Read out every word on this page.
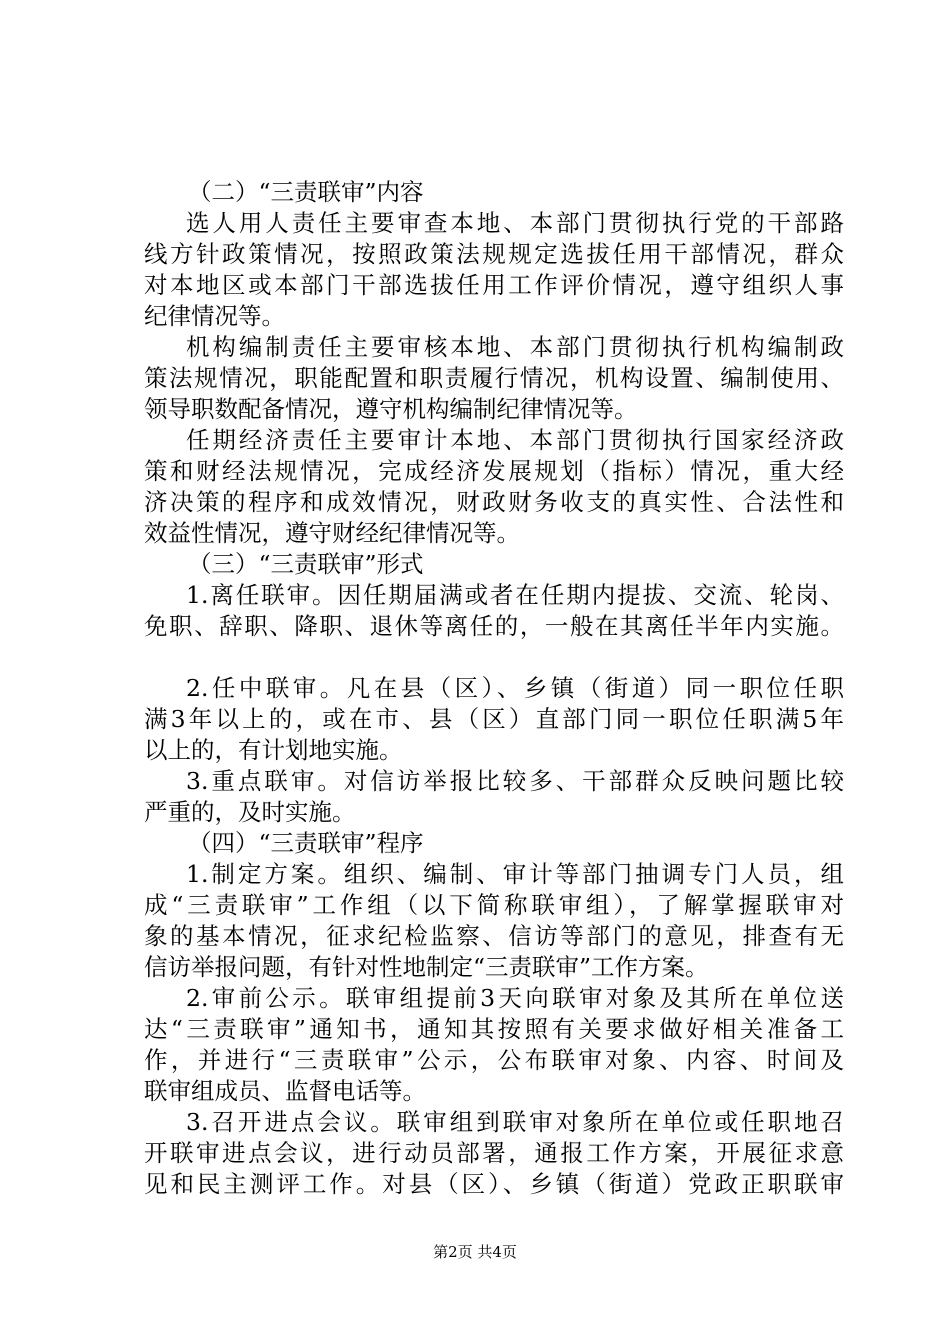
（二）“三责联审”内容
选人用人责任主要审查本地、本部门贯彻执行党的干部路
线方针政策情况，按照政策法规规定选拔任用干部情况，群众
对本地区或本部门干部选拔任用工作评价情况，遵守组织人事
纪律情况等。
机构编制责任主要审核本地、本部门贯彻执行机构编制政
策法规情况，职能配置和职责履行情况，机构设置、编制使用、
领导职数配备情况，遵守机构编制纪律情况等。
任期经济责任主要审计本地、本部门贯彻执行国家经济政
策和财经法规情况，完成经济发展规划（指标）情况，重大经
济决策的程序和成效情况，财政财务收支的真实性、合法性和
效益性情况，遵守财经纪律情况等。
（三）“三责联审”形式
1.离任联审。因任期届满或者在任期内提拔、交流、轮岗、
免职、辞职、降职、退休等离任的，一般在其离任半年内实施。
2.任中联审。凡在县（区）、乡镇（街道）同一职位任职
满3年以上的，或在市、县（区）直部门同一职位任职满5年
以上的，有计划地实施。
3.重点联审。对信访举报比较多、干部群众反映问题比较
严重的，及时实施。
（四）“三责联审”程序
1.制定方案。组织、编制、审计等部门抽调专门人员，组
成“三责联审”工作组（以下简称联审组），了解掌握联审对
象的基本情况，征求纪检监察、信访等部门的意见，排查有无
信访举报问题，有针对性地制定“三责联审”工作方案。
2.审前公示。联审组提前3天向联审对象及其所在单位送
达“三责联审”通知书，通知其按照有关要求做好相关准备工
作，并进行“三责联审”公示，公布联审对象、内容、时间及
联审组成员、监督电话等。
3.召开进点会议。联审组到联审对象所在单位或任职地召
开联审进点会议，进行动员部署，通报工作方案，开展征求意
见和民主测评工作。对县（区）、乡镇（街道）党政正职联审
第2页 共4页
